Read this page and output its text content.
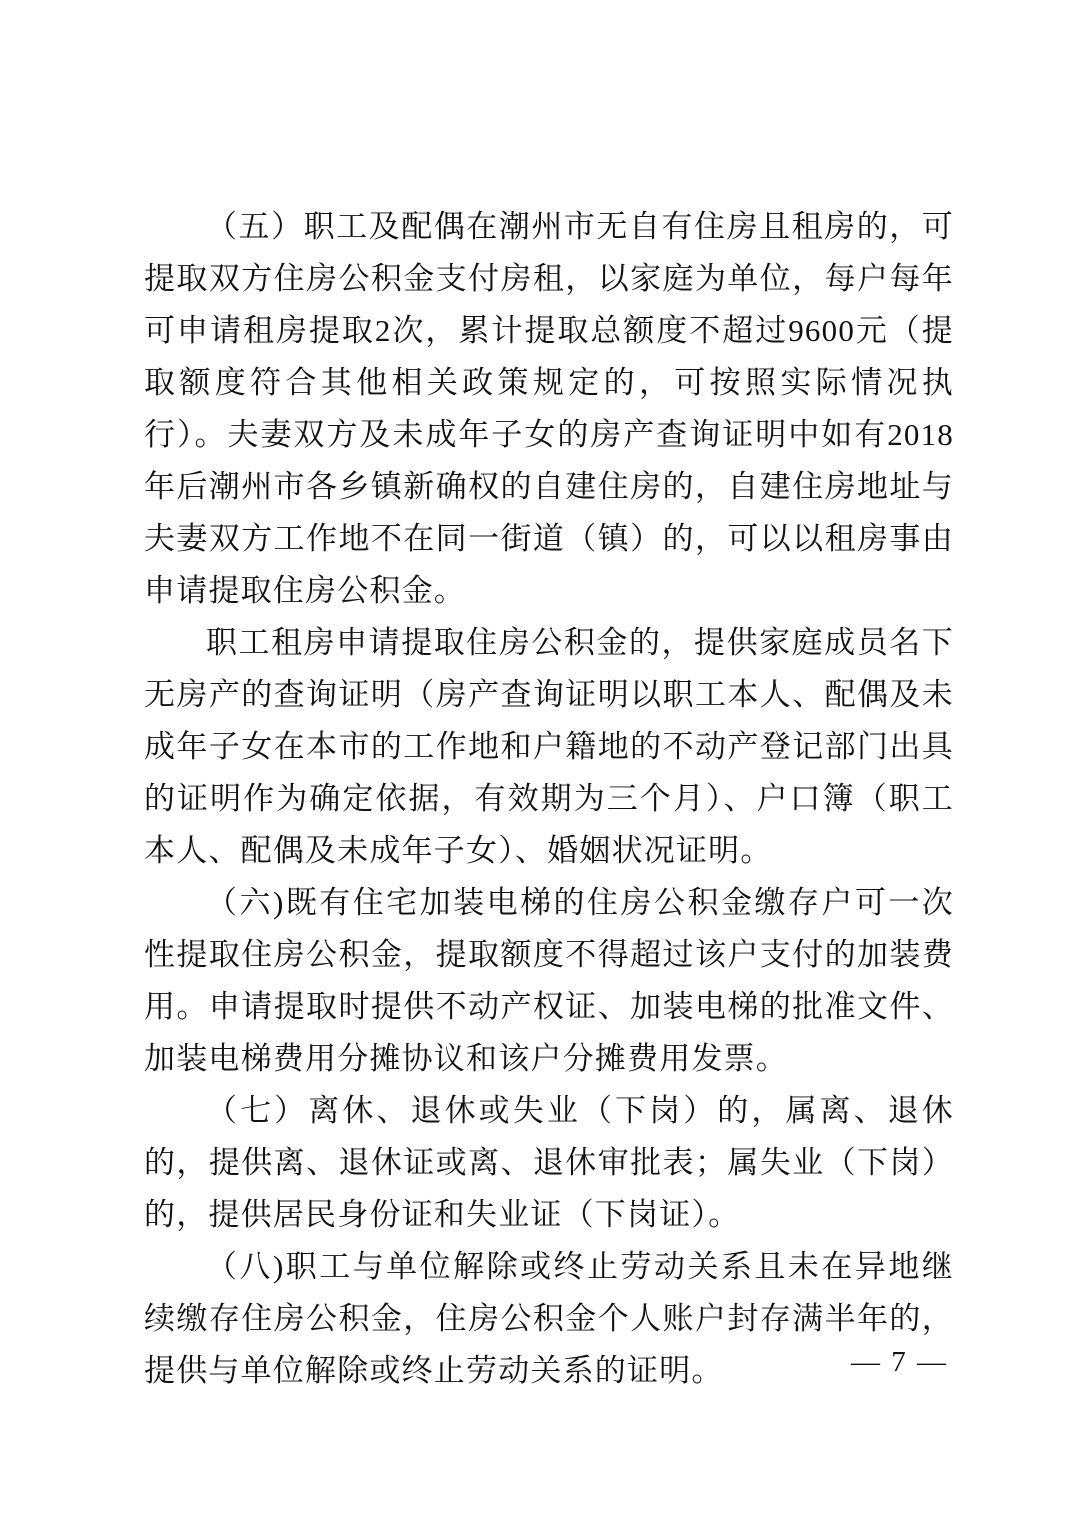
（五）职工及配偶在潮州市无自有住房且租房的，可提取双方住房公积金支付房租，以家庭为单位，每户每年可申请租房提取2次，累计提取总额度不超过9600元（提取额度符合其他相关政策规定的，可按照实际情况执行）。夫妻双方及未成年子女的房产查询证明中如有2018年后潮州市各乡镇新确权的自建住房的，自建住房地址与夫妻双方工作地不在同一街道（镇）的，可以以租房事由申请提取住房公积金。

职工租房申请提取住房公积金的，提供家庭成员名下无房产的查询证明（房产查询证明以职工本人、配偶及未成年子女在本市的工作地和户籍地的不动产登记部门出具的证明作为确定依据，有效期为三个月）、户口簿（职工本人、配偶及未成年子女）、婚姻状况证明。

（六)既有住宅加装电梯的住房公积金缴存户可一次性提取住房公积金，提取额度不得超过该户支付的加装费用。申请提取时提供不动产权证、加装电梯的批准文件、加装电梯费用分摊协议和该户分摊费用发票。

（七）离休、退休或失业（下岗）的，属离、退休的，提供离、退休证或离、退休审批表；属失业（下岗）的，提供居民身份证和失业证（下岗证）。

（八)职工与单位解除或终止劳动关系且未在异地继续缴存住房公积金，住房公积金个人账户封存满半年的，提供与单位解除或终止劳动关系的证明。	— 7 —
